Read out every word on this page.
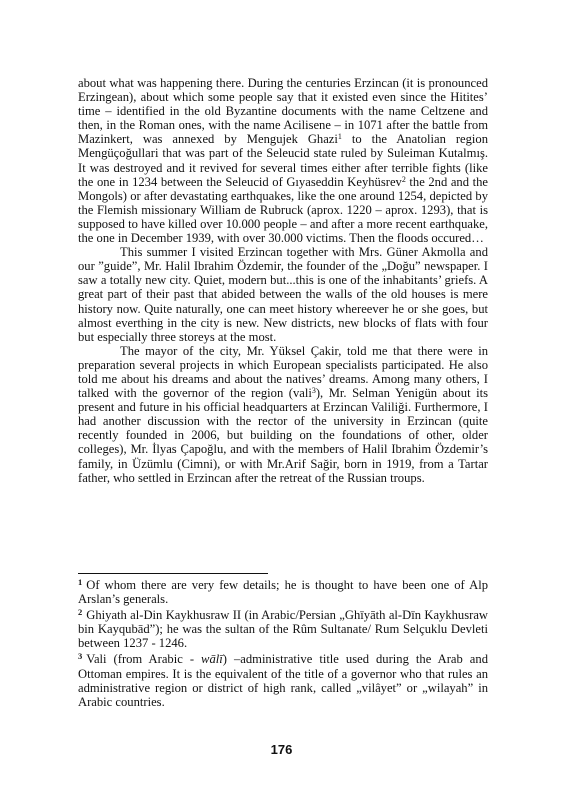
about what was happening there. During the centuries Erzincan (it is pronounced Erzingean), about which some people say that it existed even since the Hitites’ time – identified in the old Byzantine documents with the name Celtzene and then, in the Roman ones, with the name Acilisene – in 1071 after the battle from Mazinkert, was annexed by Mengujek Ghazi$^1$ to the Anatolian region Mengüçoğullari that was part of the Seleucid state ruled by Suleiman Kutalmış. It was destroyed and it revived for several times either after terrible fights (like the one in 1234 between the Seleucid of Gıyaseddin Keyhüsrev$^2$ the 2nd and the Mongols) or after devastating earthquakes, like the one around 1254, depicted by the Flemish missionary William de Rubruck (aprox. 1220 – aprox. 1293), that is supposed to have killed over 10.000 people – and after a more recent earthquake, the one in December 1939, with over 30.000 victims. Then the floods occured…

This summer I visited Erzincan together with Mrs. Güner Akmolla and our ”guide”, Mr. Halil Ibrahim Özdemir, the founder of the „Doğu” newspaper. I saw a totally new city. Quiet, modern but...this is one of the inhabitants’ griefs. A great part of their past that abided between the walls of the old houses is mere history now. Quite naturally, one can meet history whereever he or she goes, but almost everthing in the city is new. New districts, new blocks of flats with four but especially three storeys at the most.

The mayor of the city, Mr. Yüksel Çakir, told me that there were in preparation several projects in which European specialists participated. He also told me about his dreams and about the natives’ dreams. Among many others, I talked with the governor of the region (vali$^3$), Mr. Selman Yenigün about its present and future in his official headquarters at Erzincan Valiliği. Furthermore, I had another discussion with the rector of the university in Erzincan (quite recently founded in 2006, but building on the foundations of other, older colleges), Mr. İlyas Çapoğlu, and with the members of Halil Ibrahim Özdemir’s family, in Üzümlu (Cimni), or with Mr.Arif Sağir, born in 1919, from a Tartar father, who settled in Erzincan after the retreat of the Russian troups.

$^1$ Of whom there are very few details; he is thought to have been one of Alp Arslan’s generals.

$^2$ Ghiyath al-Din Kaykhusraw II (in Arabic/Persian „Ghīyāth al-Dīn Kaykhusraw bin Kayqubād”); he was the sultan of the Rûm Sultanate/ Rum Selçuklu Devleti between 1237 - 1246.

$^3$ Vali (from Arabic - wālī) –administrative title used during the Arab and Ottoman empires. It is the equivalent of the title of a governor who that rules an administrative region or district of high rank, called „vilâyet” or „wilayah” in Arabic countries.

176
